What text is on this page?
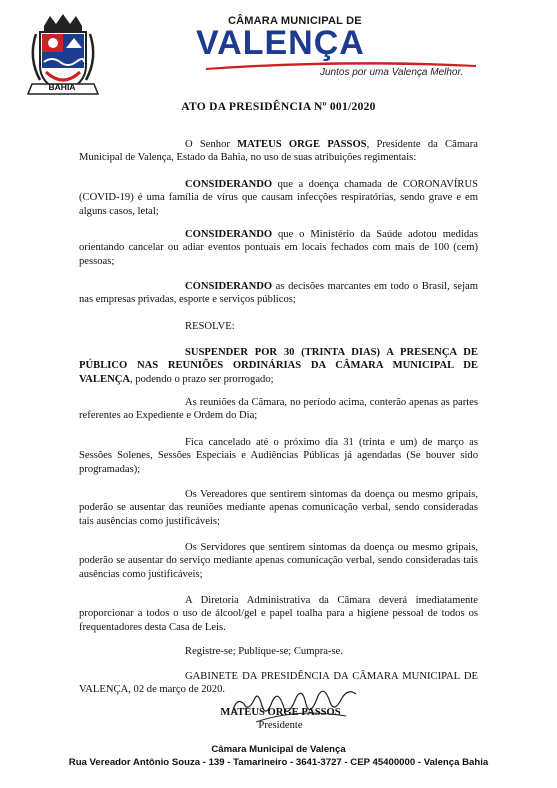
BAHIA
CÂMARA MUNICIPAL DE
VALENÇA
Juntos por uma Valença Melhor.
ATO DA PRESIDÊNCIA Nº 001/2020

O Senhor MATEUS ORGE PASSOS, Presidente da Câmara Municipal de Valença, Estado da Bahia, no uso de suas atribuições regimentais:

CONSIDERANDO que a doença chamada de CORONAVÍRUS (COVID-19) é uma família de vírus que causam infecções respiratórias, sendo grave e em alguns casos, letal;

CONSIDERANDO que o Ministério da Saúde adotou medidas orientando cancelar ou adiar eventos pontuais em locais fechados com mais de 100 (cem) pessoas;

CONSIDERANDO as decisões marcantes em todo o Brasil, sejam nas empresas privadas, esporte e serviços públicos;

RESOLVE:

SUSPENDER POR 30 (TRINTA DIAS) A PRESENÇA DE PÚBLICO NAS REUNIÕES ORDINÁRIAS DA CÂMARA MUNICIPAL DE VALENÇA, podendo o prazo ser prorrogado;

As reuniões da Câmara, no período acima, conterão apenas as partes referentes ao Expediente e Ordem do Dia;

Fica cancelado até o próximo dia 31 (trinta e um) de março as Sessões Solenes, Sessões Especiais e Audiências Públicas já agendadas (Se houver sido programadas);

Os Vereadores que sentirem sintomas da doença ou mesmo gripais, poderão se ausentar das reuniões mediante apenas comunicação verbal, sendo consideradas tais ausências como justificáveis;

Os Servidores que sentirem sintomas da doença ou mesmo gripais, poderão se ausentar do serviço mediante apenas comunicação verbal, sendo consideradas tais ausências como justificáveis;

A Diretoria Administrativa da Câmara deverá imediatamente proporcionar a todos o uso de álcool/gel e papel toalha para a higiene pessoal de todos os frequentadores desta Casa de Leis.

Registre-se; Publique-se; Cumpra-se.

GABINETE DA PRESIDÊNCIA DA CÂMARA MUNICIPAL DE VALENÇA, 02 de março de 2020.

MATEUS ORGE PASSOS
Presidente
Câmara Municipal de Valença
Rua Vereador Antônio Souza - 139 - Tamarineiro - 3641-3727 - CEP 45400000 - Valença Bahia
